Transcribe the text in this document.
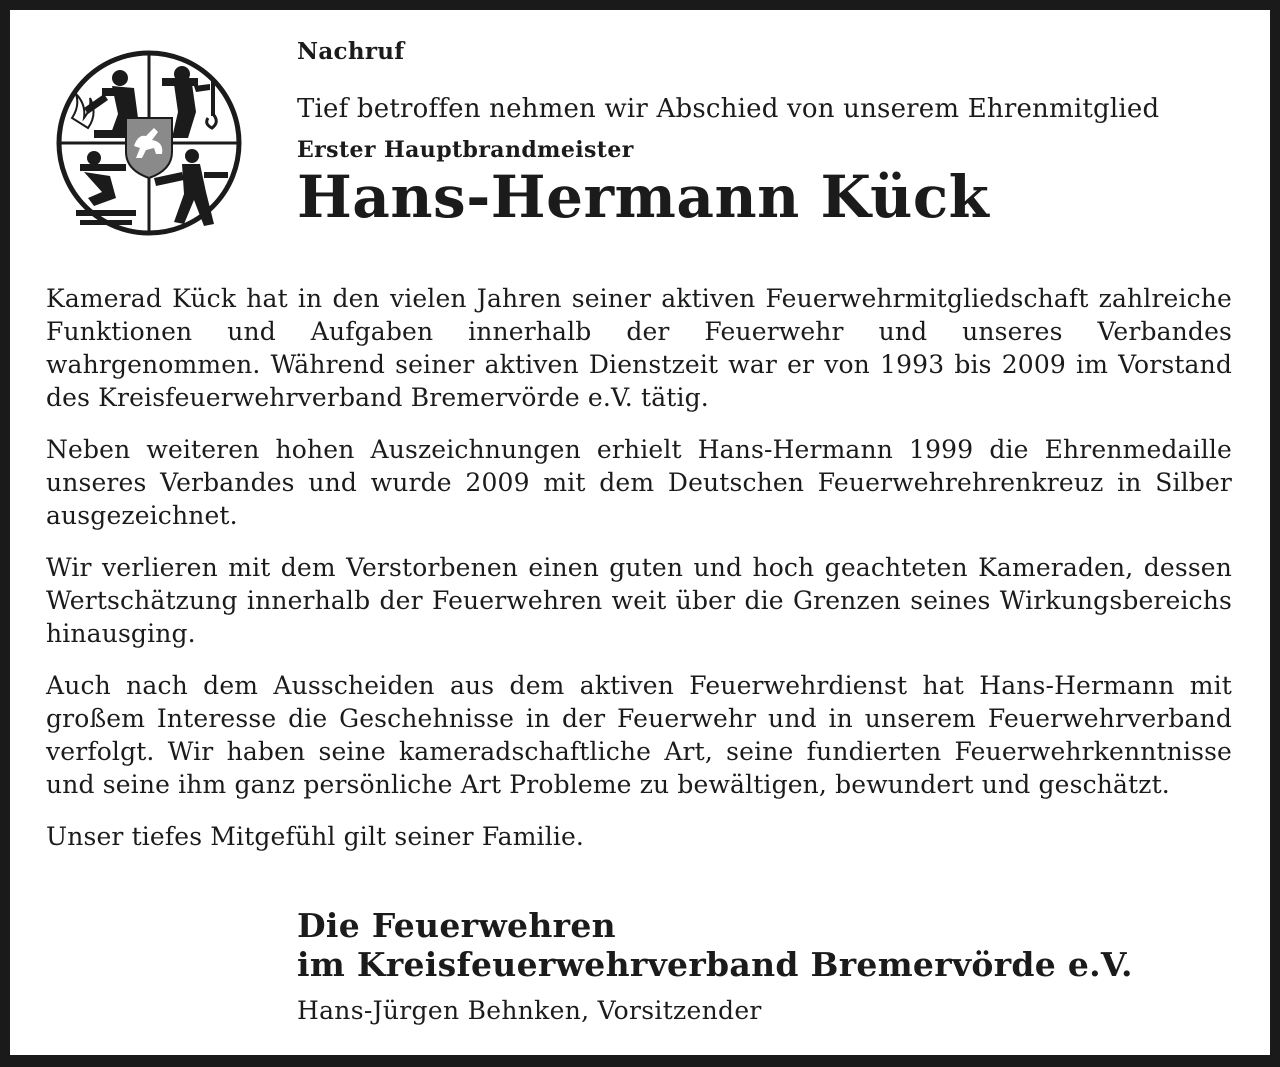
Nachruf

Tief betroffen nehmen wir Abschied von unserem Ehrenmitglied

Erster Hauptbrandmeister

Hans-Hermann Kück

Kamerad Kück hat in den vielen Jahren seiner aktiven Feuerwehrmitgliedschaft zahlreiche Funktionen und Aufgaben innerhalb der Feuerwehr und unseres Verbandes wahrgenommen. Während seiner aktiven Dienstzeit war er von 1993 bis 2009 im Vorstand des Kreisfeuerwehrverband Bremervörde e.V. tätig.

Neben weiteren hohen Auszeichnungen erhielt Hans-Hermann 1999 die Ehrenmedaille unseres Verbandes und wurde 2009 mit dem Deutschen Feuerwehrehrenkreuz in Silber ausgezeichnet.

Wir verlieren mit dem Verstorbenen einen guten und hoch geachteten Kameraden, dessen Wertschätzung innerhalb der Feuerwehren weit über die Grenzen seines Wirkungsbereichs hinausging.

Auch nach dem Ausscheiden aus dem aktiven Feuerwehrdienst hat Hans-Hermann mit großem Interesse die Geschehnisse in der Feuerwehr und in unserem Feuerwehrverband verfolgt. Wir haben seine kameradschaftliche Art, seine fundierten Feuerwehrkenntnisse und seine ihm ganz persönliche Art Probleme zu bewältigen, bewundert und geschätzt.

Unser tiefes Mitgefühl gilt seiner Familie.

Die Feuerwehren

im Kreisfeuerwehrverband Bremervörde e.V.

Hans-Jürgen Behnken, Vorsitzender
